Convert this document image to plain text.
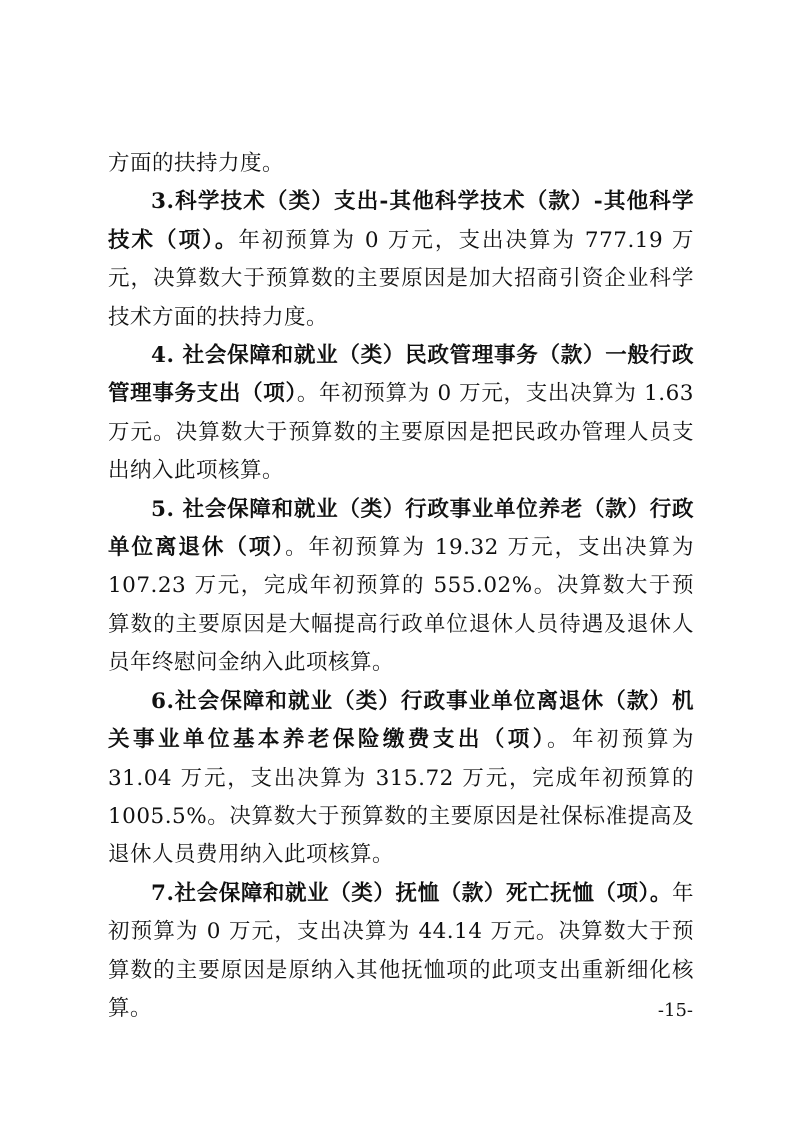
方面的扶持力度。

3.科学技术（类）支出-其他科学技术（款）-其他科学技术（项）。年初预算为 0 万元，支出决算为 777.19 万元，决算数大于预算数的主要原因是加大招商引资企业科学技术方面的扶持力度。

4. 社会保障和就业（类）民政管理事务（款）一般行政管理事务支出（项）。年初预算为 0 万元，支出决算为 1.63 万元。决算数大于预算数的主要原因是把民政办管理人员支出纳入此项核算。

5. 社会保障和就业（类）行政事业单位养老（款）行政单位离退休（项）。年初预算为 19.32 万元，支出决算为 107.23 万元，完成年初预算的 555.02%。决算数大于预算数的主要原因是大幅提高行政单位退休人员待遇及退休人员年终慰问金纳入此项核算。

6.社会保障和就业（类）行政事业单位离退休（款）机关事业单位基本养老保险缴费支出（项）。年初预算为 31.04 万元，支出决算为 315.72 万元，完成年初预算的 1005.5%。决算数大于预算数的主要原因是社保标准提高及退休人员费用纳入此项核算。

7.社会保障和就业（类）抚恤（款）死亡抚恤（项）。年初预算为 0 万元，支出决算为 44.14 万元。决算数大于预算数的主要原因是原纳入其他抚恤项的此项支出重新细化核算。	-15-
